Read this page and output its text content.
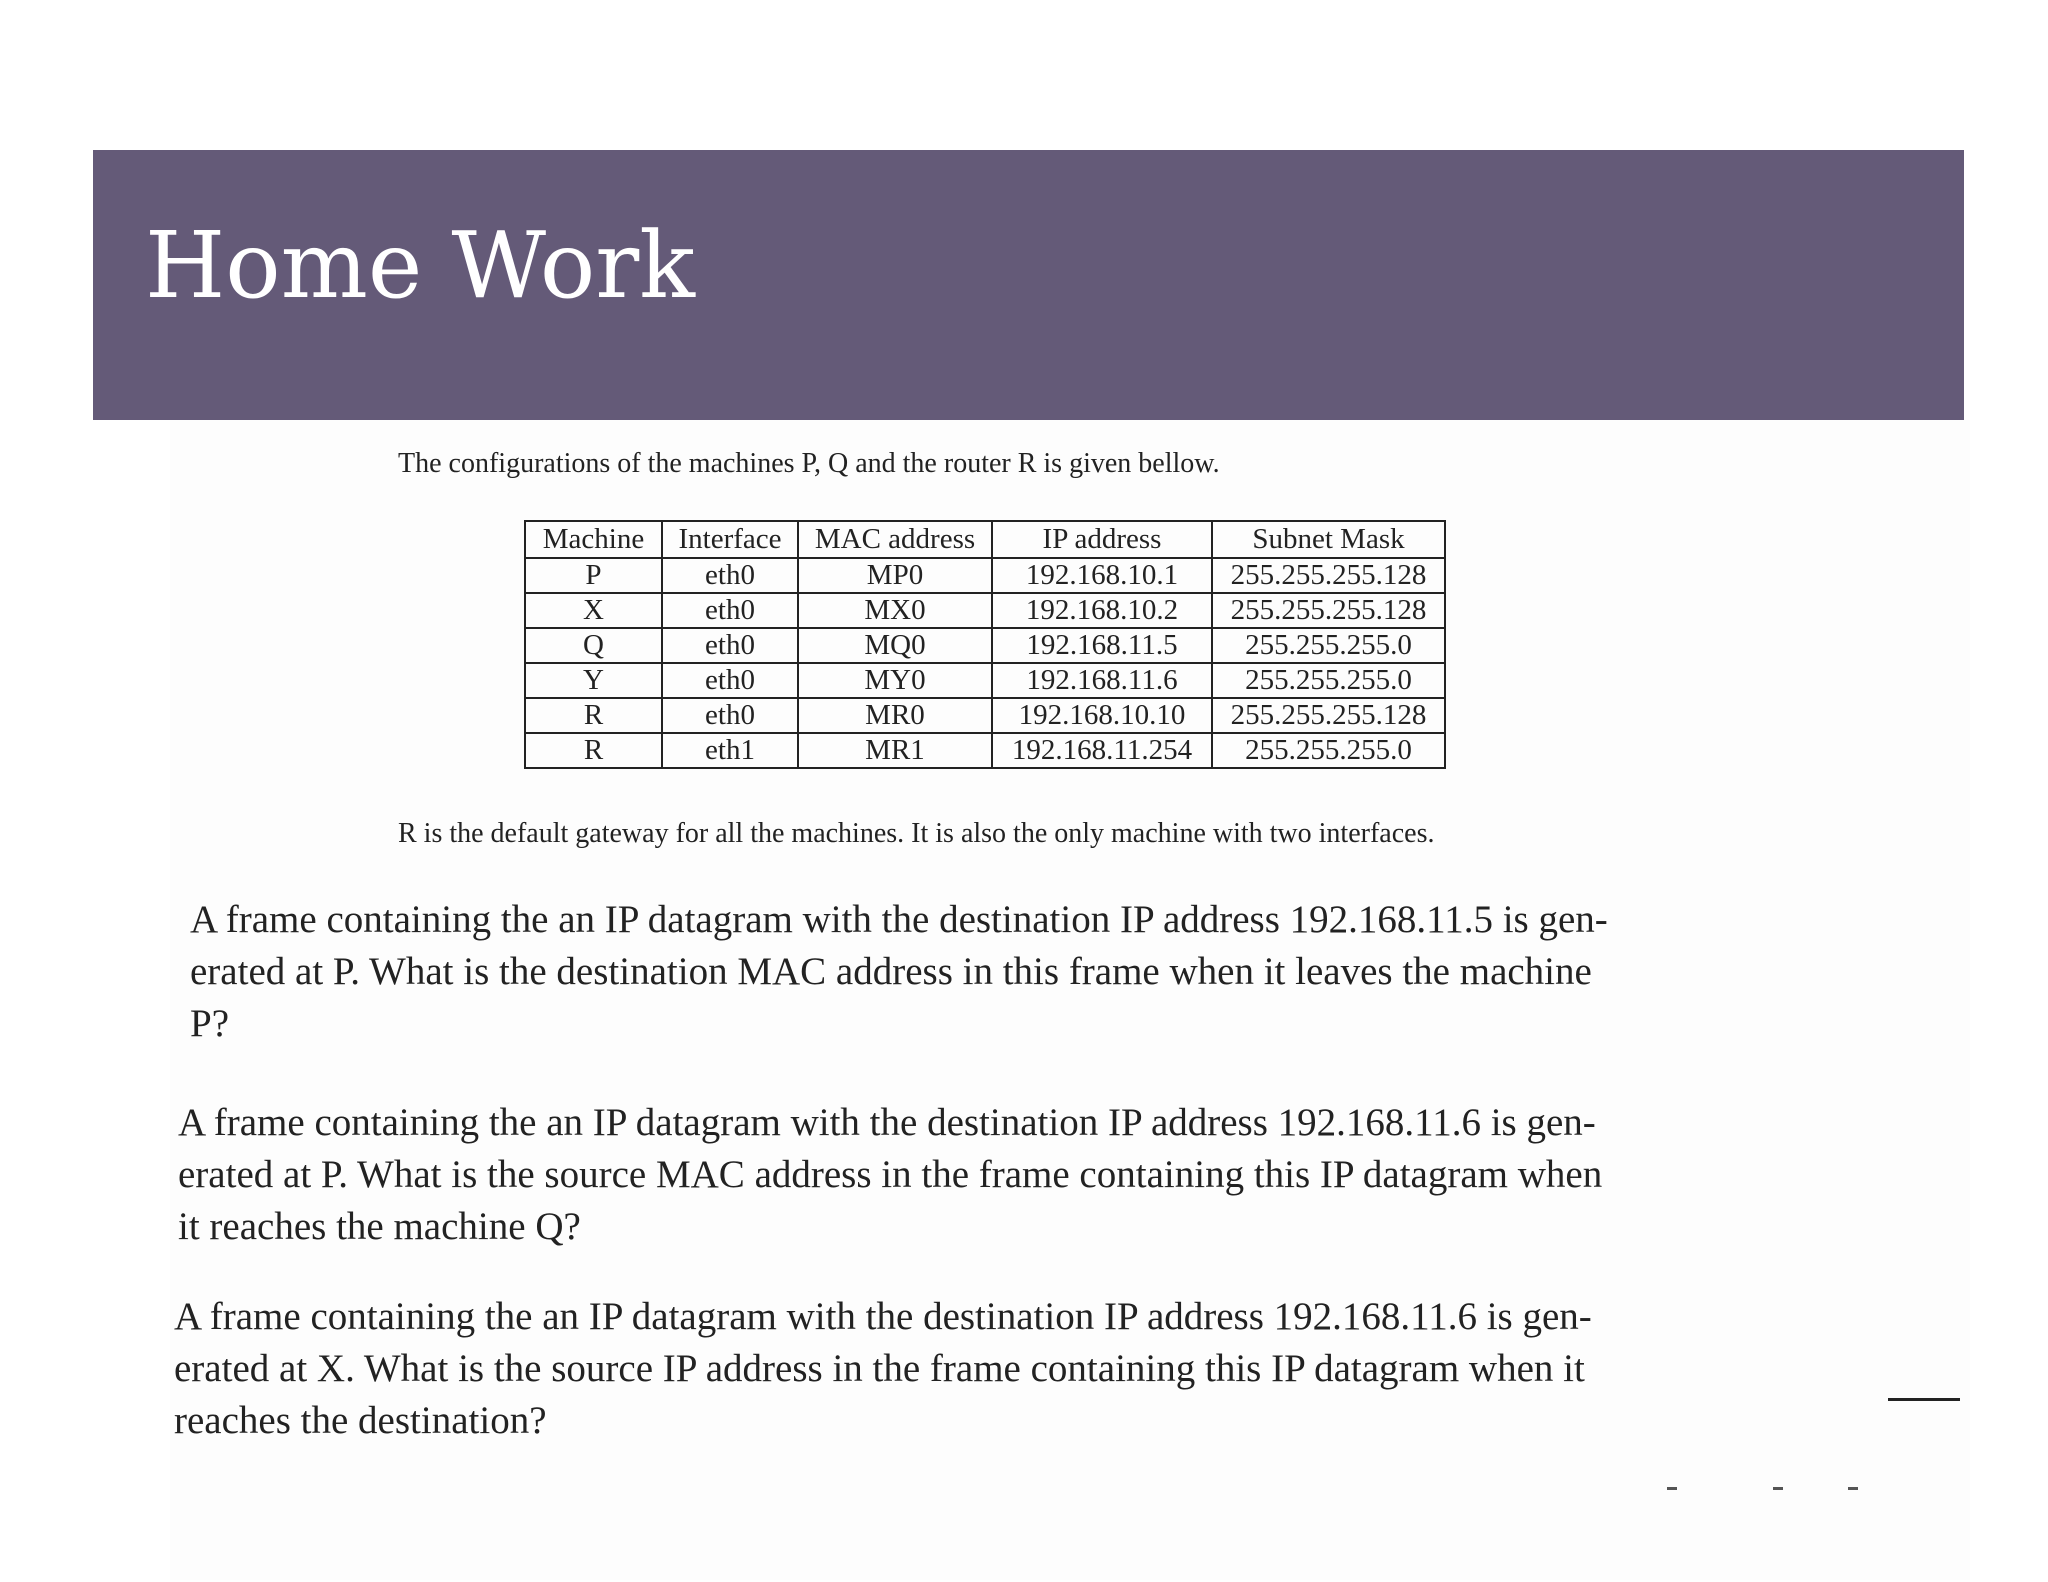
Home Work
The configurations of the machines P, Q and the router R is given bellow.
Machine	Interface	MAC address	IP address	Subnet Mask
P	eth0	MP0	192.168.10.1	255.255.255.128
X	eth0	MX0	192.168.10.2	255.255.255.128
Q	eth0	MQ0	192.168.11.5	255.255.255.0
Y	eth0	MY0	192.168.11.6	255.255.255.0
R	eth0	MR0	192.168.10.10	255.255.255.128
R	eth1	MR1	192.168.11.254	255.255.255.0
R is the default gateway for all the machines. It is also the only machine with two interfaces.
A frame containing the an IP datagram with the destination IP address 192.168.11.5 is gen-
erated at P. What is the destination MAC address in this frame when it leaves the machine
P?
A frame containing the an IP datagram with the destination IP address 192.168.11.6 is gen-
erated at P. What is the source MAC address in the frame containing this IP datagram when
it reaches the machine Q?
A frame containing the an IP datagram with the destination IP address 192.168.11.6 is gen-
erated at X. What is the source IP address in the frame containing this IP datagram when it
reaches the destination?
